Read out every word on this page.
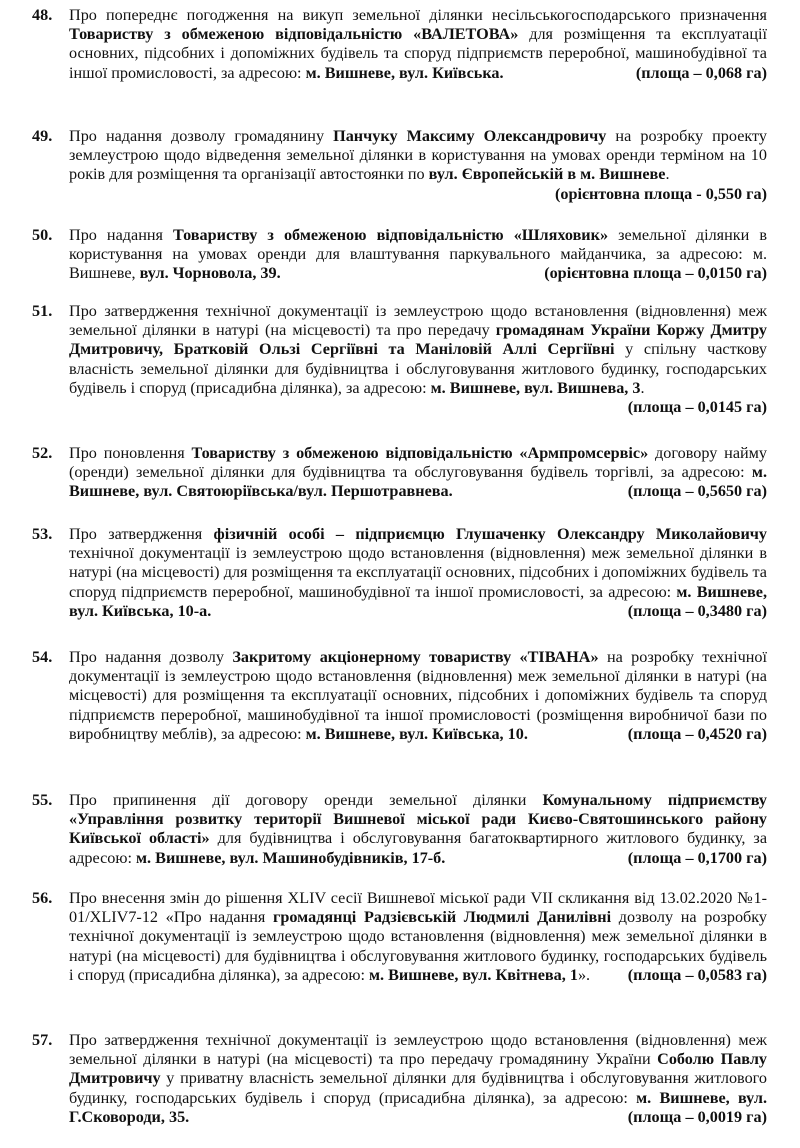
48.	Про попереднє погодження на викуп земельної ділянки несільськогосподарського призначення Товариству з обмеженою відповідальністю «ВАЛЕТОВА» для розміщення та експлуатації основних, підсобних і допоміжних будівель та споруд підприємств переробної, машинобудівної та іншої промисловості, за адресою: м. Вишневе, вул. Київська.	(площа – 0,068 га)
49.	Про надання дозволу громадянину Панчуку Максиму Олександровичу на розробку проекту землеустрою щодо відведення земельної ділянки в користування на умовах оренди терміном на 10 років для розміщення та організації автостоянки по вул. Європейській в м. Вишневе.
(орієнтовна площа - 0,550 га)
50.	Про надання Товариству з обмеженою відповідальністю «Шляховик» земельної ділянки в користування на умовах оренди для влаштування паркувального майданчика, за адресою: м. Вишневе, вул. Чорновола, 39.	(орієнтовна площа – 0,0150 га)
51.	Про затвердження технічної документації із землеустрою щодо встановлення (відновлення) меж земельної ділянки в натурі (на місцевості) та про передачу громадянам України Коржу Дмитру Дмитровичу, Братковій Ользі Сергіївні та Маніловій Аллі Сергіївні у спільну часткову власність земельної ділянки для будівництва і обслуговування житлового будинку, господарських будівель і споруд (присадибна ділянка), за адресою: м. Вишневе, вул. Вишнева, 3.
(площа – 0,0145 га)
52.	Про поновлення Товариству з обмеженою відповідальністю «Армпромсервіс» договору найму (оренди) земельної ділянки для будівництва та обслуговування будівель торгівлі, за адресою: м. Вишневе, вул. Святоюріївська/вул. Першотравнева.	(площа – 0,5650 га)
53.	Про затвердження фізичній особі – підприємцю Глушаченку Олександру Миколайовичу технічної документації із землеустрою щодо встановлення (відновлення) меж земельної ділянки в натурі (на місцевості) для розміщення та експлуатації основних, підсобних і допоміжних будівель та споруд підприємств переробної, машинобудівної та іншої промисловості, за адресою: м. Вишневе, вул. Київська, 10-а.	(площа – 0,3480 га)
54.	Про надання дозволу Закритому акціонерному товариству «ТІВАНА» на розробку технічної документації із землеустрою щодо встановлення (відновлення) меж земельної ділянки в натурі (на місцевості) для розміщення та експлуатації основних, підсобних і допоміжних будівель та споруд підприємств переробної, машинобудівної та іншої промисловості (розміщення виробничої бази по виробництву меблів), за адресою: м. Вишневе, вул. Київська, 10.	(площа – 0,4520 га)
55.	Про припинення дії договору оренди земельної ділянки Комунальному підприємству «Управління розвитку території Вишневої міської ради Києво-Святошинського району Київської області» для будівництва і обслуговування багатоквартирного житлового будинку, за адресою: м. Вишневе, вул. Машинобудівників, 17-б.	(площа – 0,1700 га)
56.	Про внесення змін до рішення XLIV сесії Вишневої міської ради VII скликання від 13.02.2020 №1-01/XLIV7-12 «Про надання громадянці Радзієвській Людмилі Данилівні дозволу на розробку технічної документації із землеустрою щодо встановлення (відновлення) меж земельної ділянки в натурі (на місцевості) для будівництва і обслуговування житлового будинку, господарських будівель і споруд (присадибна ділянка), за адресою: м. Вишневе, вул. Квітнева, 1».	(площа – 0,0583 га)
57.	Про затвердження технічної документації із землеустрою щодо встановлення (відновлення) меж земельної ділянки в натурі (на місцевості) та про передачу громадянину України Соболю Павлу Дмитровичу у приватну власність земельної ділянки для будівництва і обслуговування житлового будинку, господарських будівель і споруд (присадибна ділянка), за адресою: м. Вишневе, вул. Г.Сковороди, 35.	(площа – 0,0019 га)
